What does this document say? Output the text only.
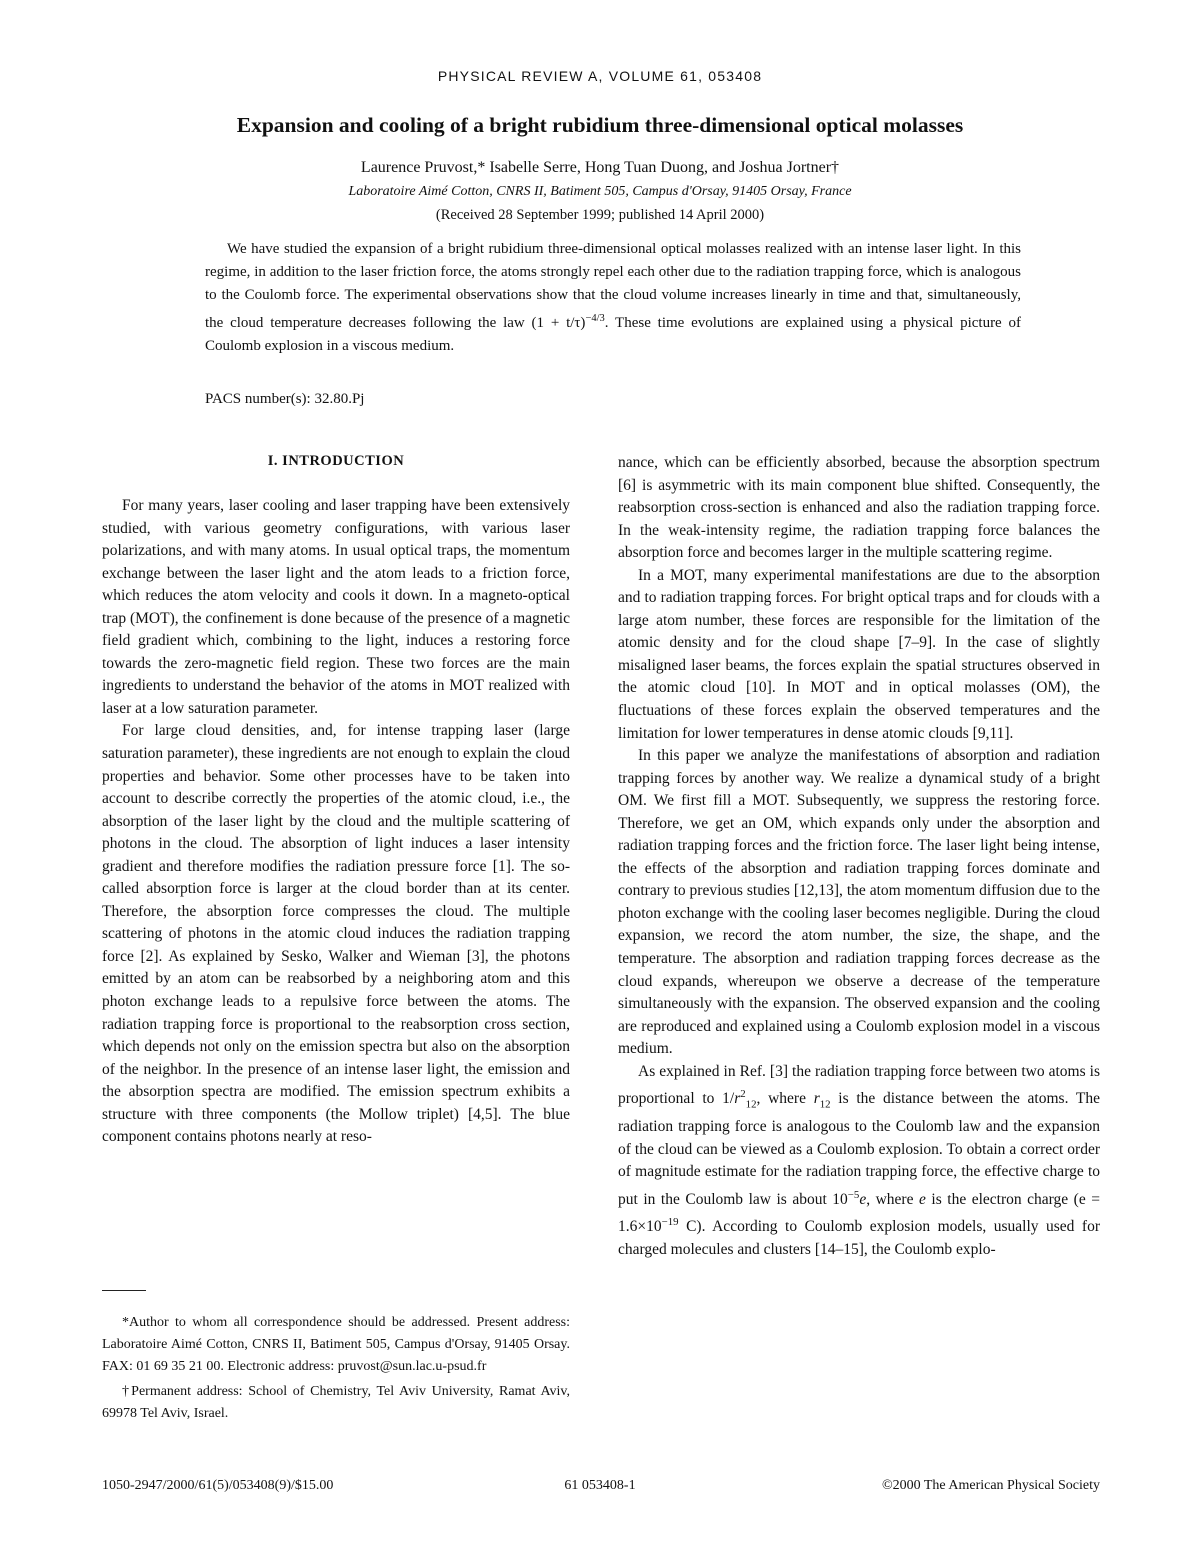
PHYSICAL REVIEW A, VOLUME 61, 053408
Expansion and cooling of a bright rubidium three-dimensional optical molasses
Laurence Pruvost,* Isabelle Serre, Hong Tuan Duong, and Joshua Jortner†
Laboratoire Aimé Cotton, CNRS II, Batiment 505, Campus d'Orsay, 91405 Orsay, France
(Received 28 September 1999; published 14 April 2000)

We have studied the expansion of a bright rubidium three-dimensional optical molasses realized with an intense laser light. In this regime, in addition to the laser friction force, the atoms strongly repel each other due to the radiation trapping force, which is analogous to the Coulomb force. The experimental observations show that the cloud volume increases linearly in time and that, simultaneously, the cloud temperature decreases following the law $(1 + t/\tau)^{-4/3}$. These time evolutions are explained using a physical picture of Coulomb explosion in a viscous medium.

PACS number(s): 32.80.Pj
I. INTRODUCTION

For many years, laser cooling and laser trapping have been extensively studied, with various geometry configurations, with various laser polarizations, and with many atoms. In usual optical traps, the momentum exchange between the laser light and the atom leads to a friction force, which reduces the atom velocity and cools it down. In a magneto-optical trap (MOT), the confinement is done because of the presence of a magnetic field gradient which, combining to the light, induces a restoring force towards the zero-magnetic field region. These two forces are the main ingredients to understand the behavior of the atoms in MOT realized with laser at a low saturation parameter.

For large cloud densities, and, for intense trapping laser (large saturation parameter), these ingredients are not enough to explain the cloud properties and behavior. Some other processes have to be taken into account to describe correctly the properties of the atomic cloud, i.e., the absorption of the laser light by the cloud and the multiple scattering of photons in the cloud. The absorption of light induces a laser intensity gradient and therefore modifies the radiation pressure force [1]. The so-called absorption force is larger at the cloud border than at its center. Therefore, the absorption force compresses the cloud. The multiple scattering of photons in the atomic cloud induces the radiation trapping force [2]. As explained by Sesko, Walker and Wieman [3], the photons emitted by an atom can be reabsorbed by a neighboring atom and this photon exchange leads to a repulsive force between the atoms. The radiation trapping force is proportional to the reabsorption cross section, which depends not only on the emission spectra but also on the absorption of the neighbor. In the presence of an intense laser light, the emission and the absorption spectra are modified. The emission spectrum exhibits a structure with three components (the Mollow triplet) [4,5]. The blue component contains photons nearly at reso-

nance, which can be efficiently absorbed, because the absorption spectrum [6] is asymmetric with its main component blue shifted. Consequently, the reabsorption cross-section is enhanced and also the radiation trapping force. In the weak-intensity regime, the radiation trapping force balances the absorption force and becomes larger in the multiple scattering regime.

In a MOT, many experimental manifestations are due to the absorption and to radiation trapping forces. For bright optical traps and for clouds with a large atom number, these forces are responsible for the limitation of the atomic density and for the cloud shape [7–9]. In the case of slightly misaligned laser beams, the forces explain the spatial structures observed in the atomic cloud [10]. In MOT and in optical molasses (OM), the fluctuations of these forces explain the observed temperatures and the limitation for lower temperatures in dense atomic clouds [9,11].

In this paper we analyze the manifestations of absorption and radiation trapping forces by another way. We realize a dynamical study of a bright OM. We first fill a MOT. Subsequently, we suppress the restoring force. Therefore, we get an OM, which expands only under the absorption and radiation trapping forces and the friction force. The laser light being intense, the effects of the absorption and radiation trapping forces dominate and contrary to previous studies [12,13], the atom momentum diffusion due to the photon exchange with the cooling laser becomes negligible. During the cloud expansion, we record the atom number, the size, the shape, and the temperature. The absorption and radiation trapping forces decrease as the cloud expands, whereupon we observe a decrease of the temperature simultaneously with the expansion. The observed expansion and the cooling are reproduced and explained using a Coulomb explosion model in a viscous medium.

As explained in Ref. [3] the radiation trapping force between two atoms is proportional to $1/r^2_{12}$, where $r_{12}$ is the distance between the atoms. The radiation trapping force is analogous to the Coulomb law and the expansion of the cloud can be viewed as a Coulomb explosion. To obtain a correct order of magnitude estimate for the radiation trapping force, the effective charge to put in the Coulomb law is about $10^{-5}e$, where e is the electron charge ($e = 1.6\times 10^{-19}$ C). According to Coulomb explosion models, usually used for charged molecules and clusters [14–15], the Coulomb explo-

*Author to whom all correspondence should be addressed. Present address: Laboratoire Aimé Cotton, CNRS II, Batiment 505, Campus d'Orsay, 91405 Orsay. FAX: 01 69 35 21 00. Electronic address: pruvost@sun.lac.u-psud.fr

†Permanent address: School of Chemistry, Tel Aviv University, Ramat Aviv, 69978 Tel Aviv, Israel.

1050-2947/2000/61(5)/053408(9)/$15.00	61 053408-1	©2000 The American Physical Society
